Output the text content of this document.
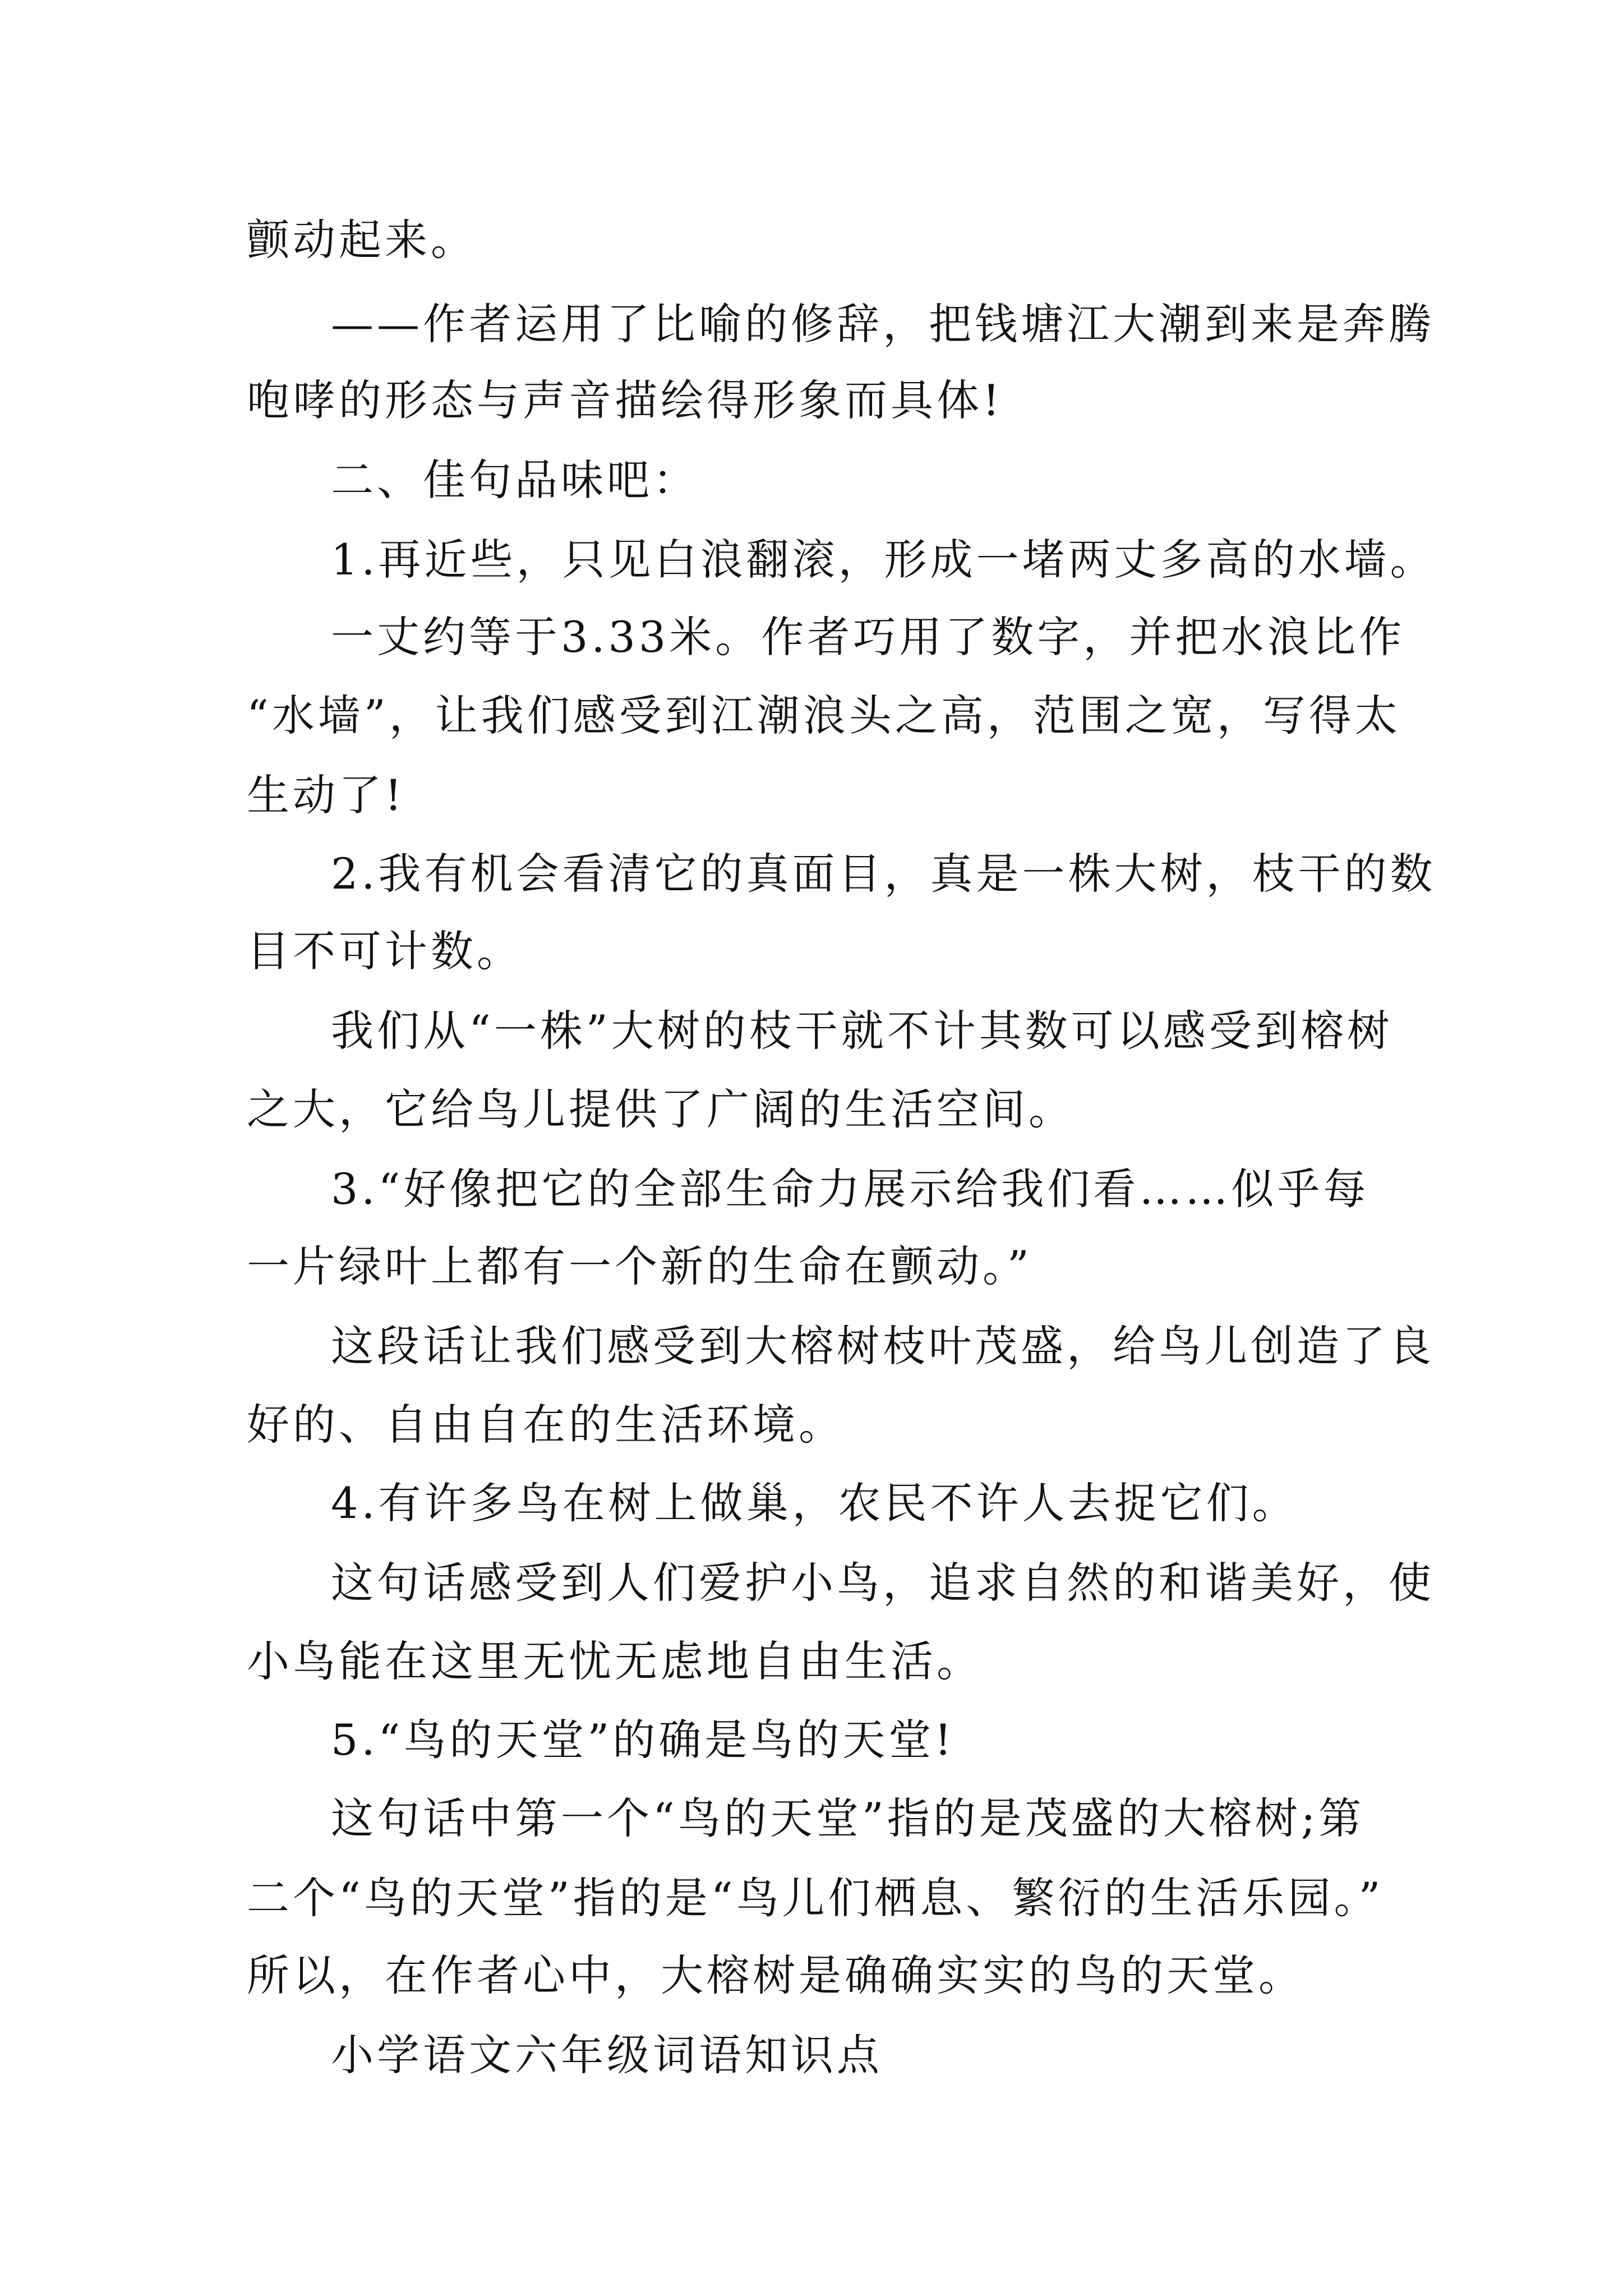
颤动起来。
——作者运用了比喻的修辞，把钱塘江大潮到来是奔腾
咆哮的形态与声音描绘得形象而具体!
二、佳句品味吧：
1.再近些，只见白浪翻滚，形成一堵两丈多高的水墙。
一丈约等于3.33米。作者巧用了数字，并把水浪比作
“水墙”，让我们感受到江潮浪头之高，范围之宽，写得太
生动了!
2.我有机会看清它的真面目，真是一株大树，枝干的数
目不可计数。
我们从“一株”大树的枝干就不计其数可以感受到榕树
之大，它给鸟儿提供了广阔的生活空间。
3.“好像把它的全部生命力展示给我们看……似乎每
一片绿叶上都有一个新的生命在颤动。”
这段话让我们感受到大榕树枝叶茂盛，给鸟儿创造了良
好的、自由自在的生活环境。
4.有许多鸟在树上做巢，农民不许人去捉它们。
这句话感受到人们爱护小鸟，追求自然的和谐美好，使
小鸟能在这里无忧无虑地自由生活。
5.“鸟的天堂”的确是鸟的天堂!
这句话中第一个“鸟的天堂”指的是茂盛的大榕树;第
二个“鸟的天堂”指的是“鸟儿们栖息、繁衍的生活乐园。”
所以，在作者心中，大榕树是确确实实的鸟的天堂。
小学语文六年级词语知识点
